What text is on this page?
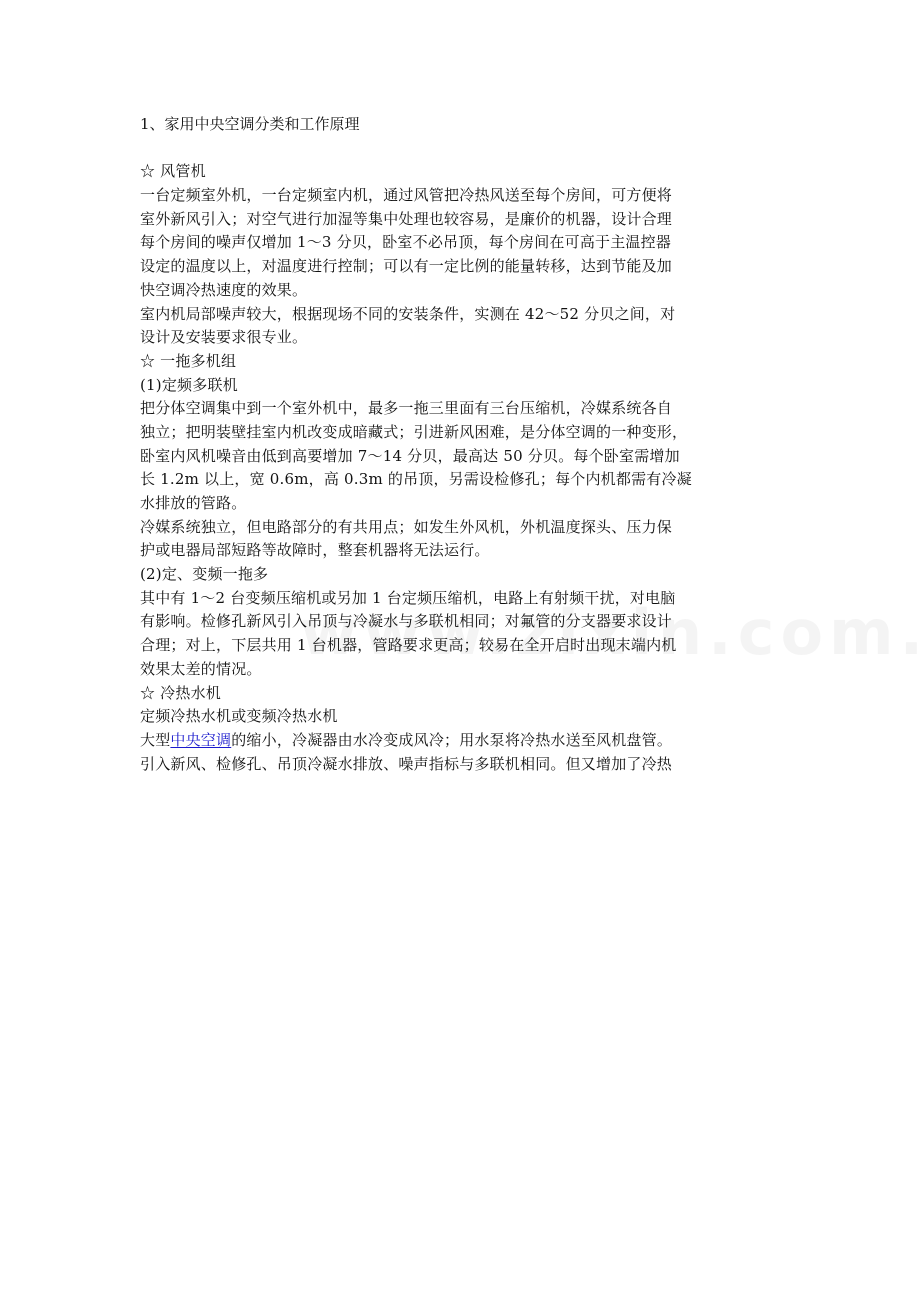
1、家用中央空调分类和工作原理
☆ 风管机
一台定频室外机，一台定频室内机，通过风管把冷热风送至每个房间，可方便将
室外新风引入；对空气进行加湿等集中处理也较容易，是廉价的机器，设计合理
每个房间的噪声仅增加 1～3 分贝，卧室不必吊顶，每个房间在可高于主温控器
设定的温度以上，对温度进行控制；可以有一定比例的能量转移，达到节能及加
快空调冷热速度的效果。
室内机局部噪声较大，根据现场不同的安装条件，实测在 42～52 分贝之间，对
设计及安装要求很专业。
☆ 一拖多机组
(1)定频多联机
把分体空调集中到一个室外机中，最多一拖三里面有三台压缩机，冷媒系统各自
独立；把明装壁挂室内机改变成暗藏式；引进新风困难，是分体空调的一种变形，
卧室内风机噪音由低到高要增加 7～14 分贝，最高达 50 分贝。每个卧室需增加
长 1.2m 以上，宽 0.6m，高 0.3m 的吊顶，另需设检修孔；每个内机都需有冷凝
水排放的管路。
冷媒系统独立，但电路部分的有共用点；如发生外风机，外机温度探头、压力保
护或电器局部短路等故障时，整套机器将无法运行。
(2)定、变频一拖多
其中有 1～2 台变频压缩机或另加 1 台定频压缩机，电路上有射频干扰，对电脑
有影响。检修孔新风引入吊顶与冷凝水与多联机相同；对氟管的分支器要求设计
合理；对上，下层共用 1 台机器，管路要求更高；较易在全开启时出现末端内机
效果太差的情况。
☆ 冷热水机
定频冷热水机或变频冷热水机
大型中央空调的缩小，冷凝器由水冷变成风冷；用水泵将冷热水送至风机盘管。
引入新风、检修孔、吊顶冷凝水排放、噪声指标与多联机相同。但又增加了冷热
